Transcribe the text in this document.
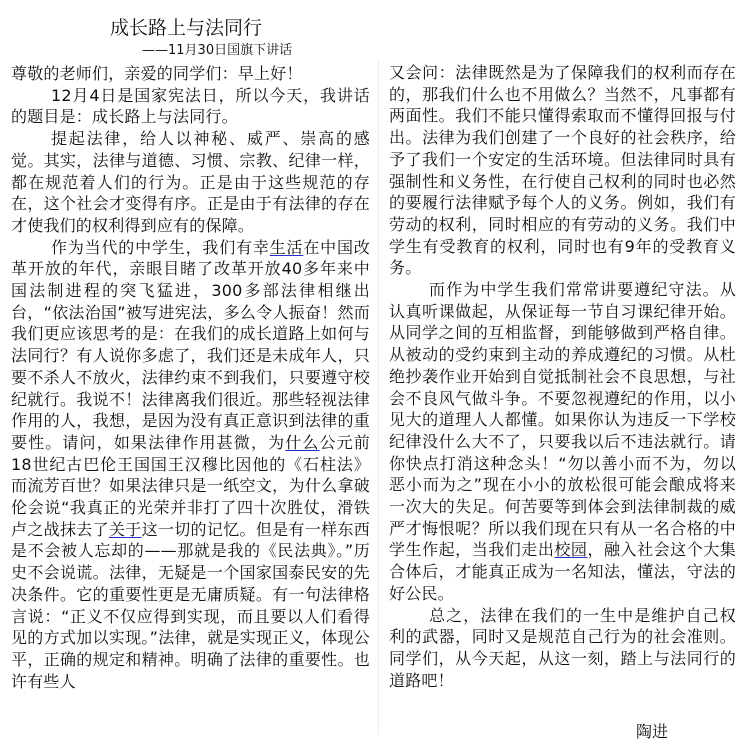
成长路上与法同行
——11月30日国旗下讲话

尊敬的老师们，亲爱的同学们：早上好！

12月4日是国家宪法日，所以今天，我讲话的题目是：成长路上与法同行。

提起法律，给人以神秘、威严、崇高的感觉。其实，法律与道德、习惯、宗教、纪律一样，都在规范着人们的行为。正是由于这些规范的存在，这个社会才变得有序。正是由于有法律的存在才使我们的权利得到应有的保障。

作为当代的中学生，我们有幸生活在中国改革开放的年代，亲眼目睹了改革开放40多年来中国法制进程的突飞猛进，300多部法律相继出台，“依法治国”被写进宪法，多么令人振奋！然而我们更应该思考的是：在我们的成长道路上如何与法同行？有人说你多虑了，我们还是未成年人，只要不杀人不放火，法律约束不到我们，只要遵守校纪就行。我说不！法律离我们很近。那些轻视法律作用的人，我想，是因为没有真正意识到法律的重要性。请问，如果法律作用甚微，为什么公元前18世纪古巴伦王国国王汉穆比因他的《石柱法》而流芳百世？如果法律只是一纸空文，为什么拿破伦会说“我真正的光荣并非打了四十次胜仗，滑铁卢之战抹去了关于这一切的记忆。但是有一样东西是不会被人忘却的——那就是我的《民法典》。”历史不会说谎。法律，无疑是一个国家国泰民安的先决条件。它的重要性更是无庸质疑。有一句法律格言说：“正义不仅应得到实现，而且要以人们看得见的方式加以实现。”法律，就是实现正义，体现公平，正确的规定和精神。明确了法律的重要性。也许有些人

又会问：法律既然是为了保障我们的权利而存在的，那我们什么也不用做么？当然不，凡事都有两面性。我们不能只懂得索取而不懂得回报与付出。法律为我们创建了一个良好的社会秩序，给予了我们一个安定的生活环境。但法律同时具有强制性和义务性，在行使自己权利的同时也必然的要履行法律赋予每个人的义务。例如，我们有劳动的权利，同时相应的有劳动的义务。我们中学生有受教育的权利，同时也有9年的受教育义务。

而作为中学生我们常常讲要遵纪守法。从认真听课做起，从保证每一节自习课纪律开始。从同学之间的互相监督，到能够做到严格自律。从被动的受约束到主动的养成遵纪的习惯。从杜绝抄袭作业开始到自觉抵制社会不良思想，与社会不良风气做斗争。不要忽视遵纪的作用，以小见大的道理人人都懂。如果你认为违反一下学校纪律没什么大不了，只要我以后不违法就行。请你快点打消这种念头！“勿以善小而不为，勿以恶小而为之”现在小小的放松很可能会酿成将来一次大的失足。何苦要等到体会到法律制裁的威严才悔恨呢？所以我们现在只有从一名合格的中学生作起，当我们走出校园，融入社会这个大集合体后，才能真正成为一名知法，懂法，守法的好公民。

总之，法律在我们的一生中是维护自己权利的武器，同时又是规范自己行为的社会准则。同学们，从今天起，从这一刻，踏上与法同行的道路吧！

陶进
